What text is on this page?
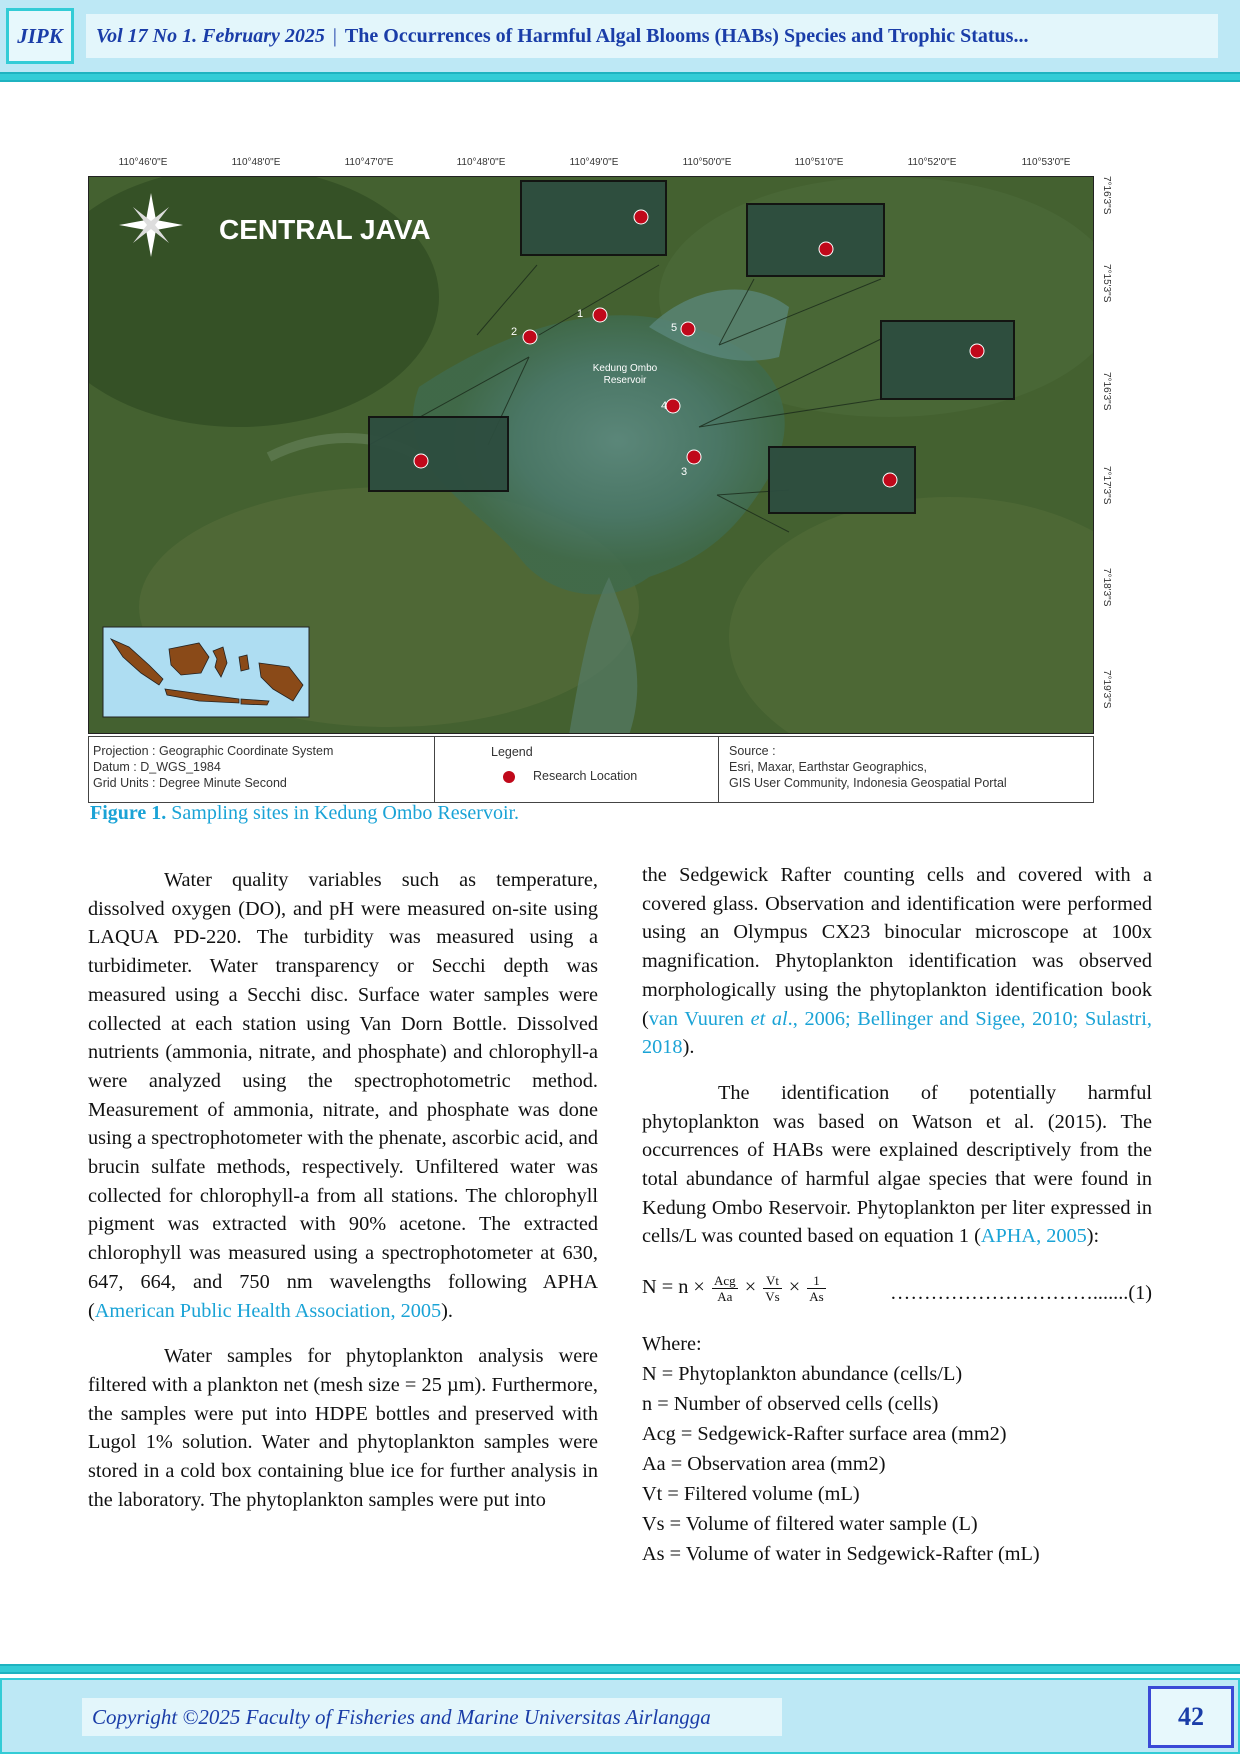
JIPK	Vol 17 No 1. February 2025 | The Occurrences of Harmful Algal Blooms (HABs) Species and Trophic Status...
110°46'0"E	110°48'0"E	110°47'0"E	110°48'0"E	110°49'0"E	110°50'0"E	110°51'0"E	110°52'0"E	110°53'0"E
7°16'3"S
7°15'3"S
7°16'3"S
7°17'3"S
7°18'3"S
7°19'3"S
CENTRAL JAVA
1
2
3
4
5
Kedung Ombo
Reservoir
Projection : Geographic Coordinate System
Datum : D_WGS_1984
Grid Units : Degree Minute Second
Legend
Research Location
Source :
Esri, Maxar, Earthstar Geographics,
GIS User Community, Indonesia Geospatial Portal
Figure 1. Sampling sites in Kedung Ombo Reservoir.

Water quality variables such as temperature, dissolved oxygen (DO), and pH were measured on-site using LAQUA PD-220. The turbidity was measured using a turbidimeter. Water transparency or Secchi depth was measured using a Secchi disc. Surface water samples were collected at each station using Van Dorn Bottle. Dissolved nutrients (ammonia, nitrate, and phosphate) and chlorophyll-a were analyzed using the spectrophotometric method. Measurement of ammonia, nitrate, and phosphate was done using a spectrophotometer with the phenate, ascorbic acid, and brucin sulfate methods, respectively. Unfiltered water was collected for chlorophyll-a from all stations. The chlorophyll pigment was extracted with 90% acetone. The extracted chlorophyll was measured using a spectrophotometer at 630, 647, 664, and 750 nm wavelengths following APHA (American Public Health Association, 2005).

Water samples for phytoplankton analysis were filtered with a plankton net (mesh size = 25 µm). Furthermore, the samples were put into HDPE bottles and preserved with Lugol 1% solution. Water and phytoplankton samples were stored in a cold box containing blue ice for further analysis in the laboratory. The phytoplankton samples were put into

the Sedgewick Rafter counting cells and covered with a covered glass. Observation and identification were performed using an Olympus CX23 binocular microscope at 100x magnification. Phytoplankton identification was observed morphologically using the phytoplankton identification book (van Vuuren et al., 2006; Bellinger and Sigee, 2010; Sulastri, 2018).

The identification of potentially harmful phytoplankton was based on Watson et al. (2015). The occurrences of HABs were explained descriptively from the total abundance of harmful algae species that were found in Kedung Ombo Reservoir. Phytoplankton per liter expressed in cells/L was counted based on equation 1 (APHA, 2005):

$N = n \times \frac{\text{Acg}}{Aa} \times \frac{Vt}{Vs} \times \frac{1}{As}$	………………………….......(1)

Where:
N = Phytoplankton abundance (cells/L)
n = Number of observed cells (cells)
Acg = Sedgewick-Rafter surface area (mm2)
Aa = Observation area (mm2)
Vt = Filtered volume (mL)
Vs = Volume of filtered water sample (L)
As = Volume of water in Sedgewick-Rafter (mL)
Copyright ©2025 Faculty of Fisheries and Marine Universitas Airlangga	42
